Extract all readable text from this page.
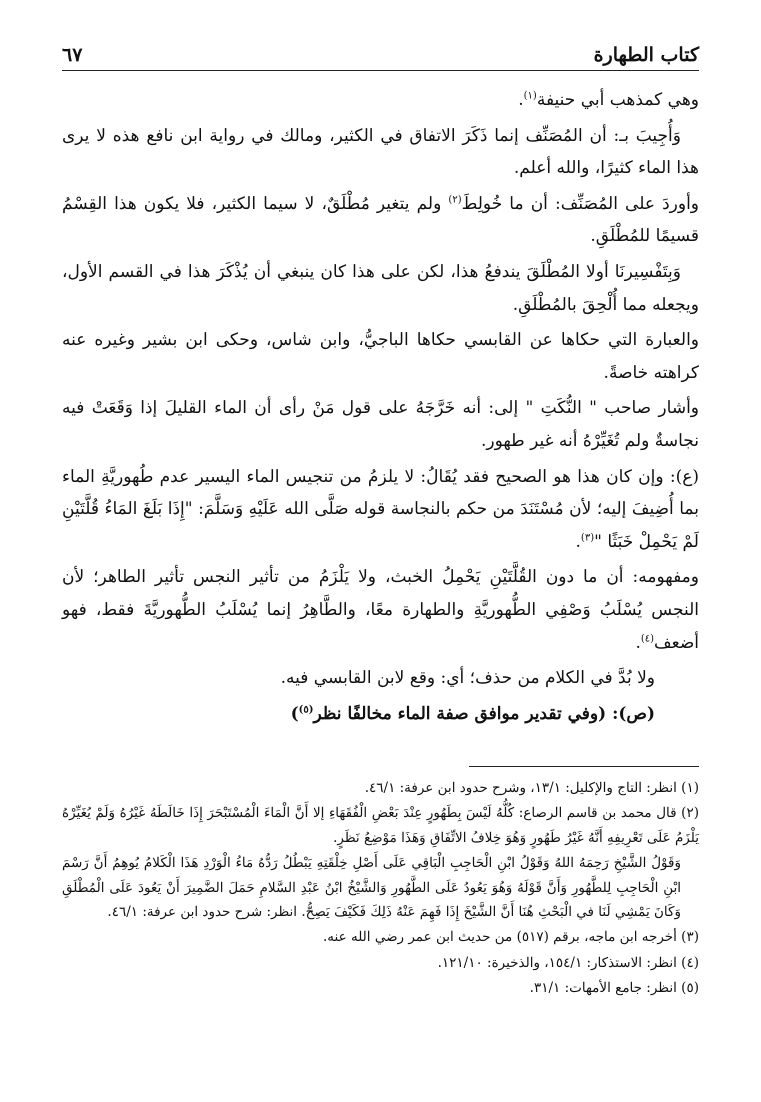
كتاب الطهارة
٦٧

وهي كمذهب أبي حنيفة$^{(١)}$.

وَأُجِيبَ بـ: أن المُصَنِّف إنما ذَكَرَ الاتفاق في الكثير، ومالك في رواية ابن نافع هذه لا يرى هذا الماء كثيرًا، والله أعلم.

وأوردَ على المُصَنِّف: أن ما خُولِطَ$^{(٢)}$ ولم يتغير مُطْلَقٌ، لا سيما الكثير، فلا يكون هذا القِسْمُ قسيمًا للمُطْلَقِ.

وَبِتَفْسِيرنَا أولا المُطْلَقَ يندفعُ هذا، لكن على هذا كان ينبغي أن يُذْكَرَ هذا في القسم الأول، ويجعله مما أُلْحِقَ بالمُطْلَقِ.

والعبارة التي حكاها عن القابسي حكاها الباجيُّ، وابن شاس، وحكى ابن بشير وغيره عنه كراهته خاصةً.

وأشار صاحب " النُّكَتِ " إلى: أنه خَرَّجَهُ على قول مَنْ رأى أن الماء القليلَ إذا وَقَعَتْ فيه نجاسةٌ ولم تُغَيِّرْهُ أنه غير طهور.

(ع): وإن كان هذا هو الصحيح فقد يُقَالُ: لا يلزمُ من تنجيس الماء اليسير عدم طُهوريَّةِ الماء بما أُضِيفَ إليه؛ لأن مُسْتَنَدَ من حكم بالنجاسة قوله صَلَّى الله عَلَيْهِ وَسَلَّمَ: "إِذَا بَلَغَ المَاءُ قُلَّتَيْنِ لَمْ يَحْمِلْ خَبَثًا "$^{(٣)}$.

ومفهومه: أن ما دون القُلَّتَيْنِ يَحْمِلُ الخبث، ولا يَلْزَمُ من تأثير النجس تأثير الطاهر؛ لأن النجس يُسْلَبُ وَصْفِي الطُّهوريَّةِ والطهارة معًا، والطَّاهِرُ إنما يُسْلَبُ الطُّهوريَّةَ فقط، فهو أضعف$^{(٤)}$.

ولا بُدَّ في الكلام من حذف؛ أي: وقع لابن القابسي فيه.

(ص): (وفي تقدير موافق صفة الماء مخالفًا نظر$^{(٥)}$)

(١) انظر: التاج والإكليل: ١٣/١، وشرح حدود ابن عرفة: ٤٦/١.

(٢) قال محمد بن قاسم الرصاع: كُلُّهُ لَيْسَ بِطَهُورٍ عِنْدَ بَعْضِ الْفُقَهَاءِ إلا أَنَّ الْمَاءَ الْمُسْتَبْحَرَ إِذَا خَالَطَهُ غَيْرُهُ وَلَمْ يُغَيِّرْهُ يَلْزَمُ عَلَى تَعْرِيفِهِ أَنَّهُ غَيْرُ طَهُورٍ وَهُوَ خِلافُ الاتِّفَاقِ وَهَذَا مَوْضِعُ نَظَرٍ.

وَقَوْلُ الشَّيْخِ رَحِمَهُ اللهُ وَقَوْلُ ابْنِ الْحَاجِبِ الْبَاقِي عَلَى أَصْلِ خِلْقَتِهِ يَبْطُلُ رَدُّهُ مَاءُ الْوَرْدِ هَذَا الْكَلامُ يُوهِمُ أَنَّ رَسْمَ ابْنِ الْحَاجِبِ لِلطَّهُورِ وَأَنَّ قَوْلَهُ وَهُوَ يَعُودُ عَلَى الطَّهُورِ وَالشَّيْخُ ابْنُ عَبْدِ السَّلامِ حَمَلَ الضَّمِيرَ أَنْ يَعُودَ عَلَى الْمُطْلَقِ وَكَانَ يَمْشِي لَنَا في الْبَحْثِ هُنَا أَنَّ الشَّيْخَ إِذَا فَهِمَ عَنْهُ ذَلِكَ فَكَيْفَ يَصِحُّ. انظر: شرح حدود ابن عرفة: ٤٦/١.

(٣) أخرجه ابن ماجه، برقم (٥١٧) من حديث ابن عمر رضي الله عنه.

(٤) انظر: الاستذكار: ١٥٤/١، والذخيرة: ١٢١/١٠.

(٥) انظر: جامع الأمهات: ٣١/١.
